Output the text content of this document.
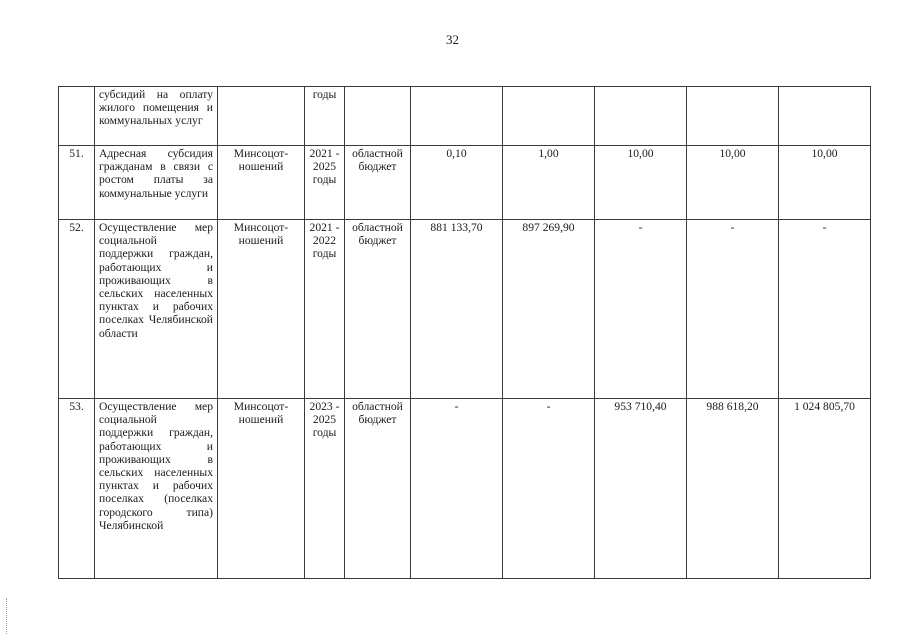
32
	субсидий на оплату жилого помещения и коммунальных услуг		годы						
51.	Адресная субсидия гражданам в связи с ростом платы за коммунальные услуги	Минсоцот-ношений	2021 - 2025 годы	областной бюджет	0,10	1,00	10,00	10,00	10,00
52.	Осуществление мер социальной поддержки граждан, работающих и проживающих в сельских населенных пунктах и рабочих поселках Челябинской области	Минсоцот-ношений	2021 - 2022 годы	областной бюджет	881 133,70	897 269,90	-	-	-
53.	Осуществление мер социальной поддержки граждан, работающих и проживающих в сельских населенных пунктах и рабочих поселках (поселках городского типа) Челябинской	Минсоцот-ношений	2023 - 2025 годы	областной бюджет	-	-	953 710,40	988 618,20	1 024 805,70
